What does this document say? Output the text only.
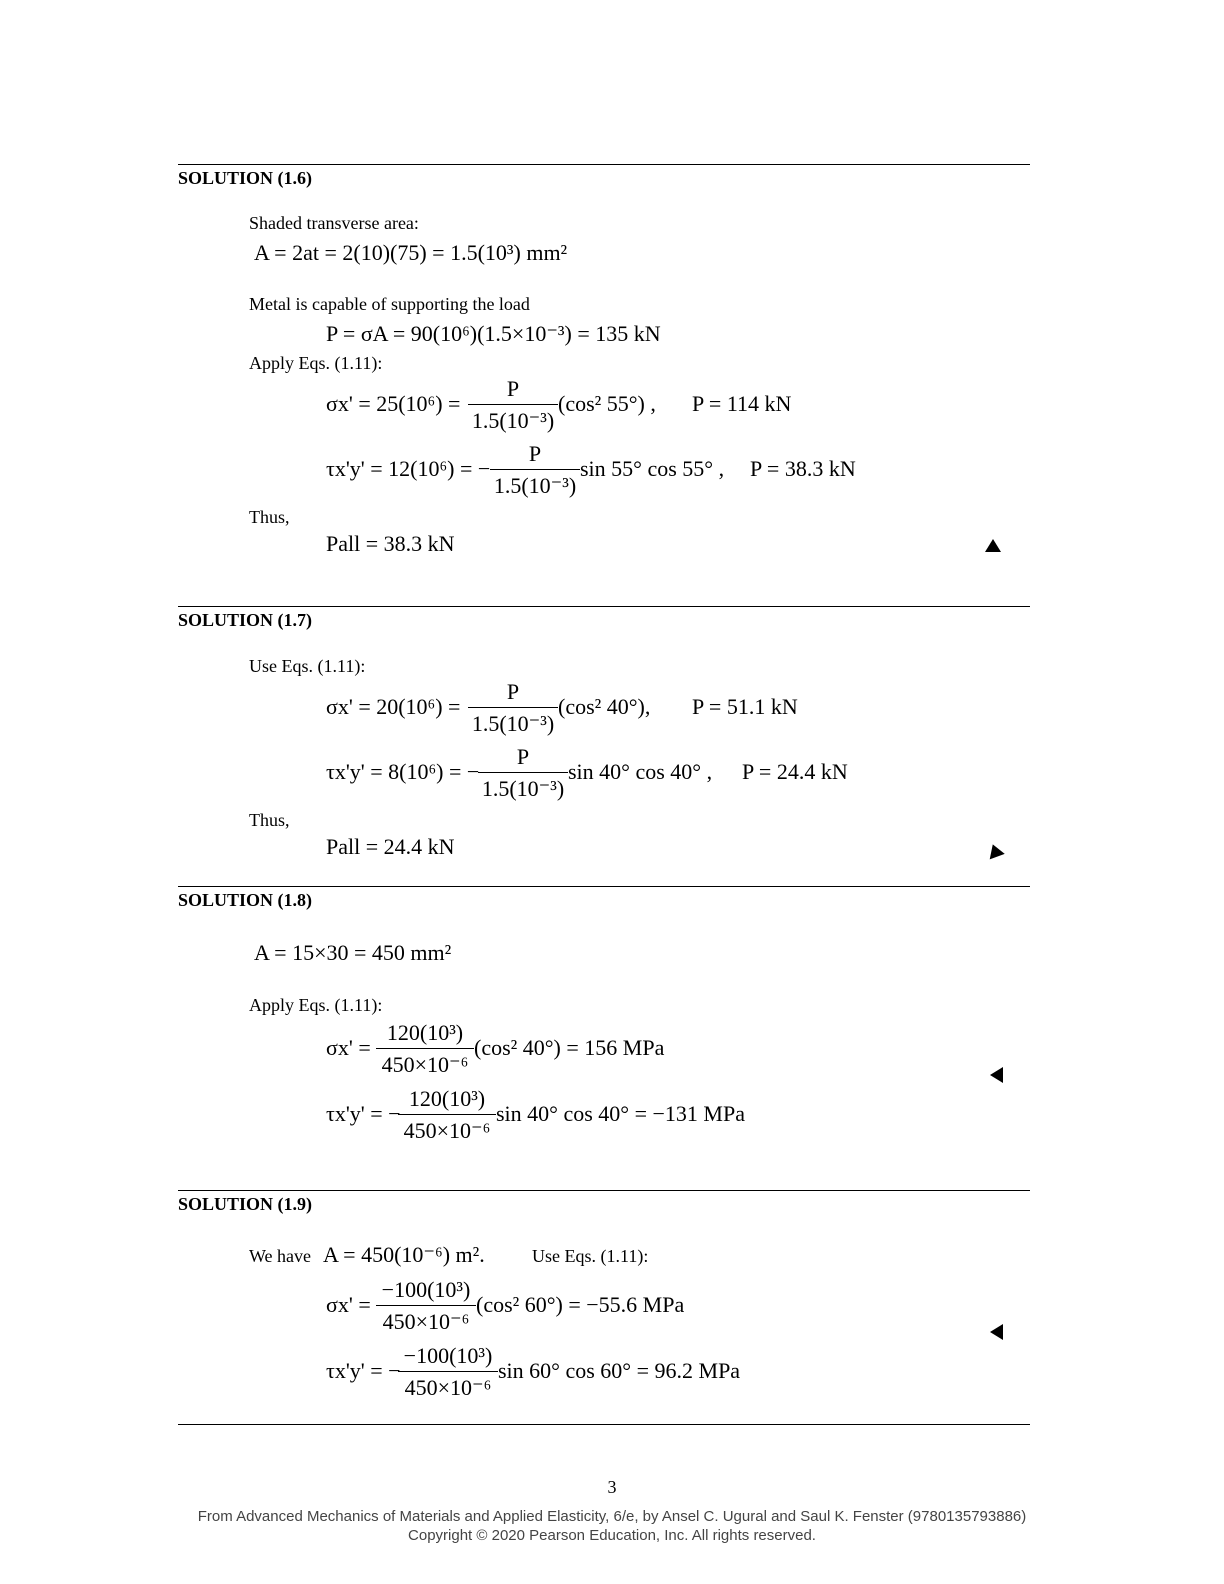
SOLUTION (1.6)
Shaded transverse area:
A = 2at = 2(10)(75) = 1.5(10³) mm²
Metal is capable of supporting the load
P = σA = 90(10⁶)(1.5×10⁻³) = 135 kN
Apply Eqs. (1.11):
σx' = 25(10⁶) =
P
1.5(10⁻³)
(cos² 55°) , P = 114 kN
τx'y' = 12(10⁶) = −
P
1.5(10⁻³)
sin 55° cos 55° , P = 38.3 kN
Thus,
Pall = 38.3 kN
SOLUTION (1.7)
Use Eqs. (1.11):
σx' = 20(10⁶) =
P
1.5(10⁻³)
(cos² 40°), P = 51.1 kN
τx'y' = 8(10⁶) = −
P
1.5(10⁻³)
sin 40° cos 40° , P = 24.4 kN
Thus,
Pall = 24.4 kN
SOLUTION (1.8)
A = 15×30 = 450 mm²
Apply Eqs. (1.11):
σx' =
120(10³)
450×10⁻⁶
(cos² 40°) = 156 MPa
τx'y' = −
120(10³)
450×10⁻⁶
sin 40° cos 40° = −131 MPa
SOLUTION (1.9)
We have A = 450(10⁻⁶) m².	Use Eqs. (1.11):
σx' =
−100(10³)
450×10⁻⁶
(cos² 60°) = −55.6 MPa
τx'y' = −
−100(10³)
450×10⁻⁶
sin 60° cos 60° = 96.2 MPa
3
From Advanced Mechanics of Materials and Applied Elasticity, 6/e, by Ansel C. Ugural and Saul K. Fenster (9780135793886)
Copyright © 2020 Pearson Education, Inc. All rights reserved.
